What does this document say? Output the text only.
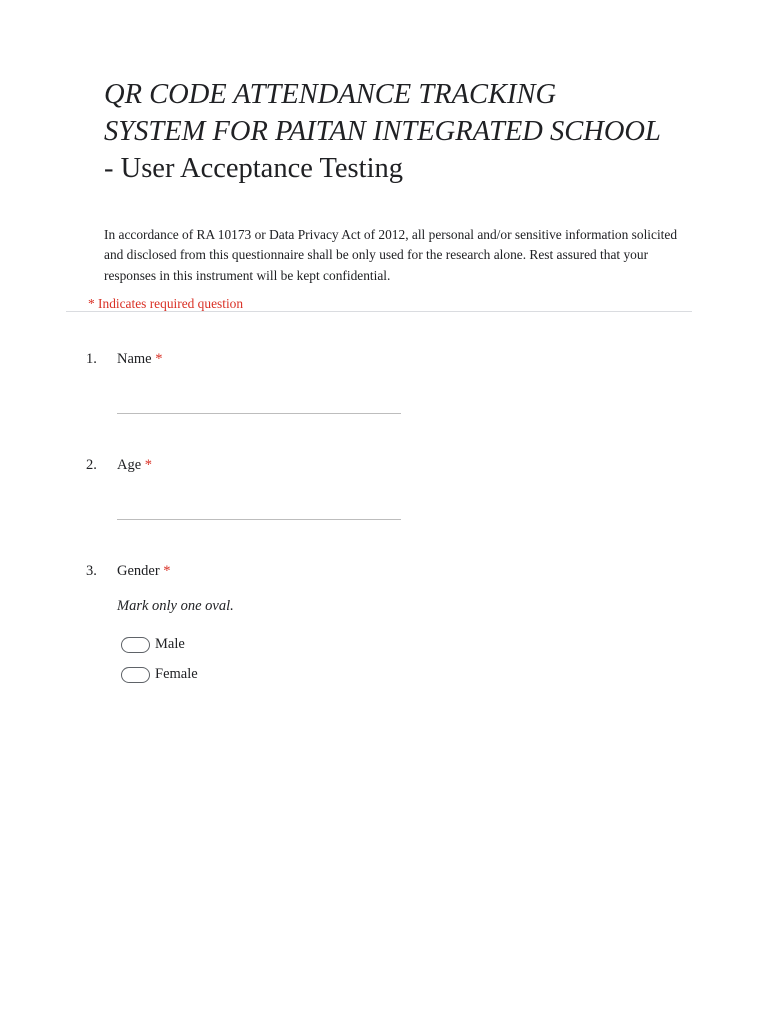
QR CODE ATTENDANCE TRACKING SYSTEM FOR PAITAN INTEGRATED SCHOOL - User Acceptance Testing

In accordance of RA 10173 or Data Privacy Act of 2012, all personal and/or sensitive information solicited and disclosed from this questionnaire shall be only used for the research alone. Rest assured that your responses in this instrument will be kept confidential.

* Indicates required question

1. Name *
2. Age *
3. Gender *
Mark only one oval.
Male
Female
